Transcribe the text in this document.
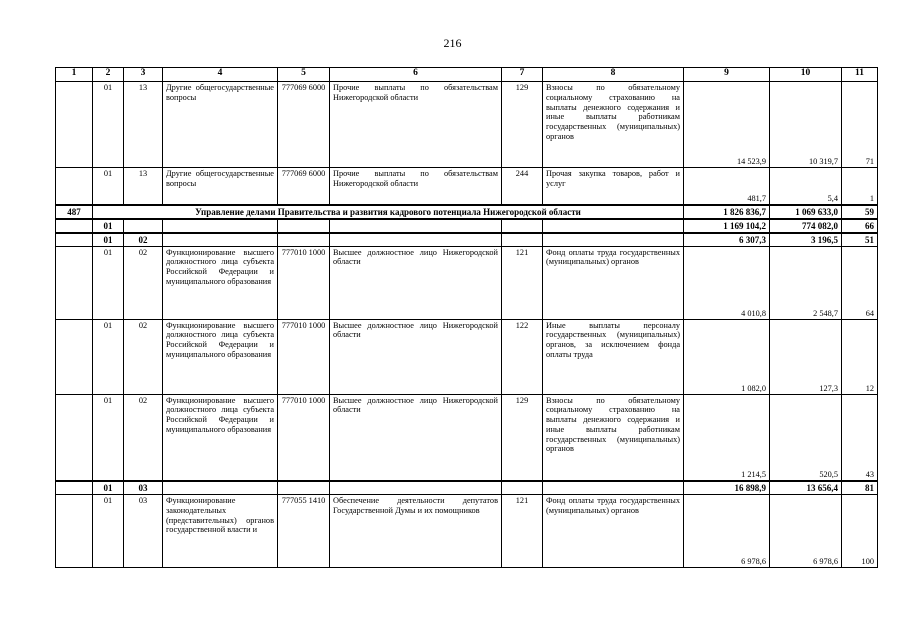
216
1	2	3	4	5	6	7	8	9	10	11
	01	13	Другие общегосударственные вопросы	777069 6000	Прочие выплаты по обязательствам Нижегородской области	129	Взносы по обязательному социальному страхованию на выплаты денежного содержания и иные выплаты работникам государственных (муниципальных) органов	14 523,9	10 319,7	71
	01	13	Другие общегосударственные вопросы	777069 6000	Прочие выплаты по обязательствам Нижегородской области	244	Прочая закупка товаров, работ и услуг	481,7	5,4	1
487	Управление делами Правительства и развития кадрового потенциала Нижегородской области							1 826 836,7	1 069 633,0	59
	01							1 169 104,2	774 082,0	66
	01	02						6 307,3	3 196,5	51
	01	02	Функционирование высшего должностного лица субъекта Российской Федерации и муниципального образования	777010 1000	Высшее должностное лицо Нижегородской области	121	Фонд оплаты труда государственных (муниципальных) органов	4 010,8	2 548,7	64
	01	02	Функционирование высшего должностного лица субъекта Российской Федерации и муниципального образования	777010 1000	Высшее должностное лицо Нижегородской области	122	Иные выплаты персоналу государственных (муниципальных) органов, за исключением фонда оплаты труда	1 082,0	127,3	12
	01	02	Функционирование высшего должностного лица субъекта Российской Федерации и муниципального образования	777010 1000	Высшее должностное лицо Нижегородской области	129	Взносы по обязательному социальному страхованию на выплаты денежного содержания и иные выплаты работникам государственных (муниципальных) органов	1 214,5	520,5	43
	01	03						16 898,9	13 656,4	81
	01	03	Функционирование законодательных (представительных) органов государственной власти и	777055 1410	Обеспечение деятельности депутатов Государственной Думы и их помощников	121	Фонд оплаты труда государственных (муниципальных) органов	6 978,6	6 978,6	100
